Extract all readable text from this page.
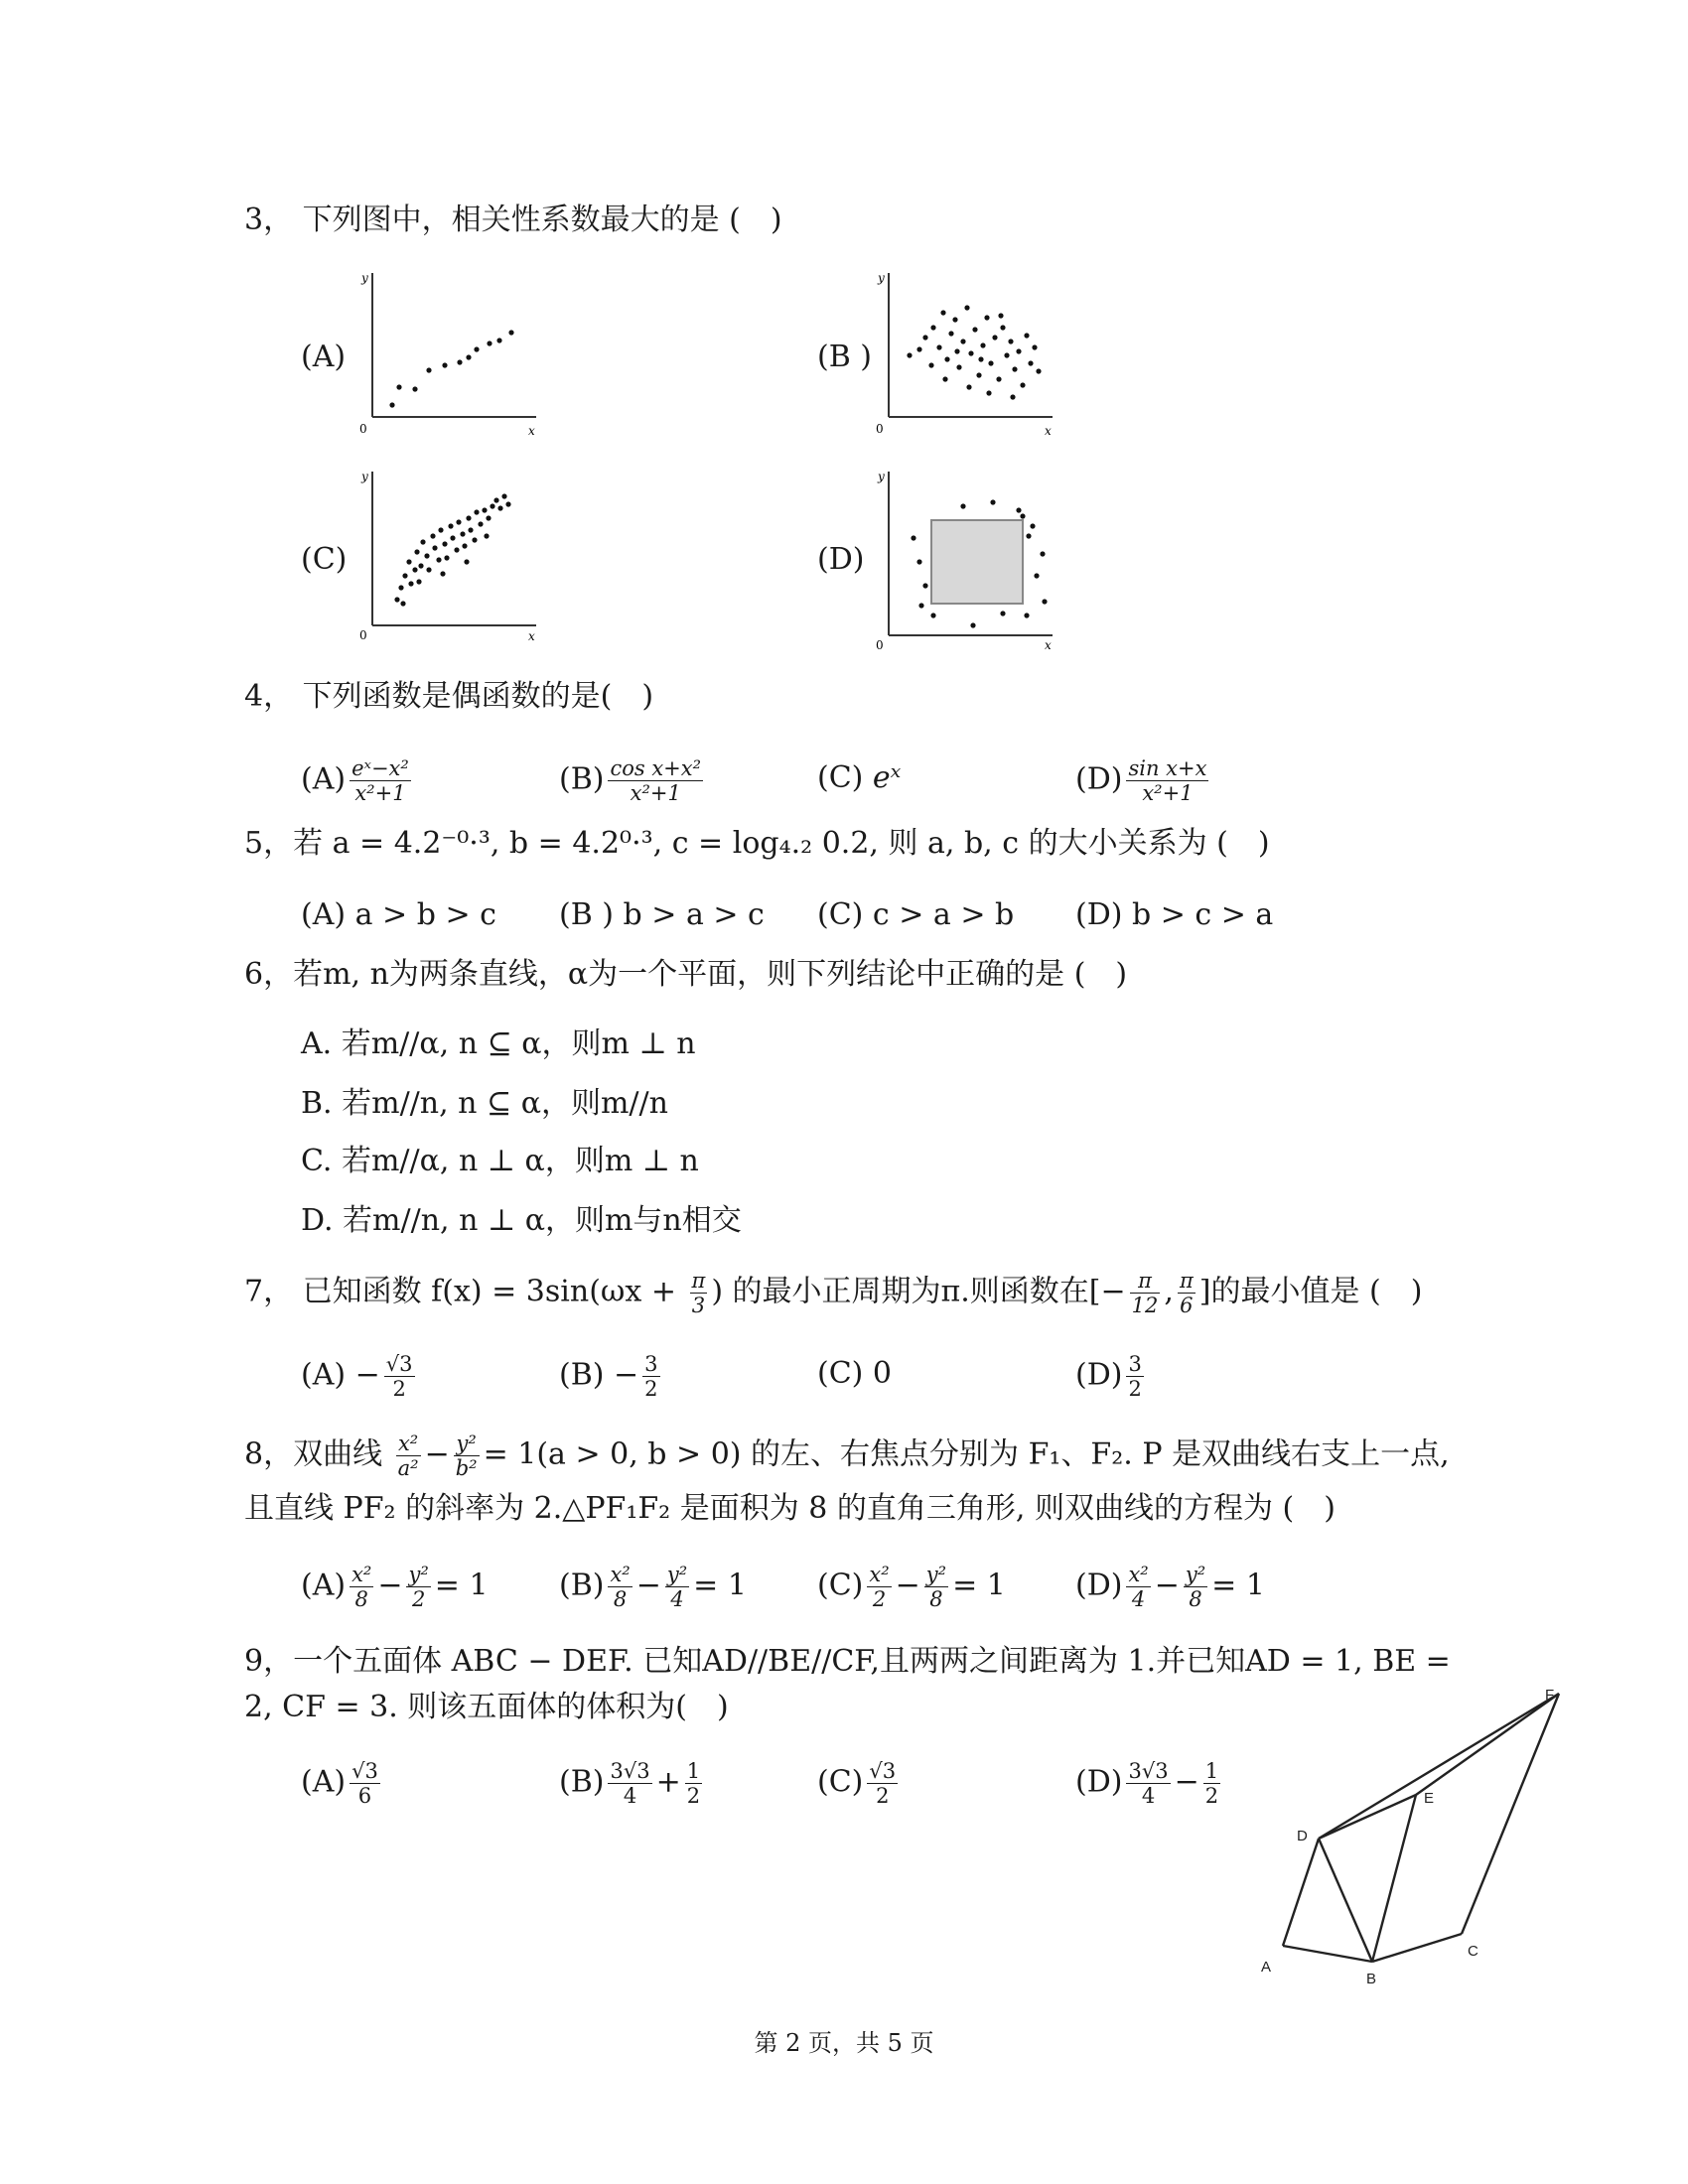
3， 下列图中，相关性系数最大的是 (　)
(A)	(B )
(C)	(D)
y
x
0
y
x
0
y
x
0
y
x
0
4， 下列函数是偶函数的是(　)
$(A) \frac{\text{eˣ−x²}}{\text{x²+1}}$	$(B) \frac{\text{cos x+x²}}{\text{x²+1}}$	(C) eˣ	$(D) \frac{\text{sin x+x}}{\text{x²+1}}$
5，若 a = 4.2⁻⁰·³, b = 4.2⁰·³, c = log₄.₂ 0.2, 则 a, b, c 的大小关系为 (　)
(A) a > b > c (B ) b > a > c (C) c > a > b (D) b > c > a
6，若m, n为两条直线，α为一个平面，则下列结论中正确的是 (　)
A. 若m//α, n ⊆ α，则m ⊥ n
B. 若m//n, n ⊆ α，则m//n
C. 若m//α, n ⊥ α，则m ⊥ n
D. 若m//n, n ⊥ α，则m与n相交
7， 已知函数 $f(x) = 3\sin(\omega x + \frac{\pi}{3}$ ) 的最小正周期为π.则函数在[− $\frac{\pi}{12}$ , $\frac{\pi}{6}$ ]的最小值是 (　)
$(A) - \frac{√3}{2}$	$(B) - \frac{3}{2}$	(C) 0	$(D) \frac{3}{2}$
8，双曲线 $\frac{\text{x²}}{\text{a²}} - \frac{\text{y²}}{\text{b²}} = 1(a > 0$, b > 0) 的左、右焦点分别为 F₁、F₂. P 是双曲线右支上一点,
且直线 PF₂ 的斜率为 2.△PF₁F₂ 是面积为 8 的直角三角形, 则双曲线的方程为 (　)
$(A) \frac{\text{x²}}{8} - \frac{\text{y²}}{2} = 1$ $(B) \frac{\text{x²}}{8} - \frac{\text{y²}}{4} = 1$ $(C) \frac{\text{x²}}{2} - \frac{\text{y²}}{8} = 1$ $(D) \frac{\text{x²}}{4} - \frac{\text{y²}}{8} = 1$
9，一个五面体 ABC − DEF. 已知AD//BE//CF,且两两之间距离为 1.并已知AD = 1, BE =
2, CF = 3. 则该五面体的体积为(　)
$(A) \frac{√3}{6}$	$(B) \frac{3√3}{4} + \frac{1}{2}$	$(C) \frac{√3}{2}$	$(D) \frac{3√3}{4} - \frac{1}{2}$
A
B
C
D
E
F
第 2 页，共 5 页
